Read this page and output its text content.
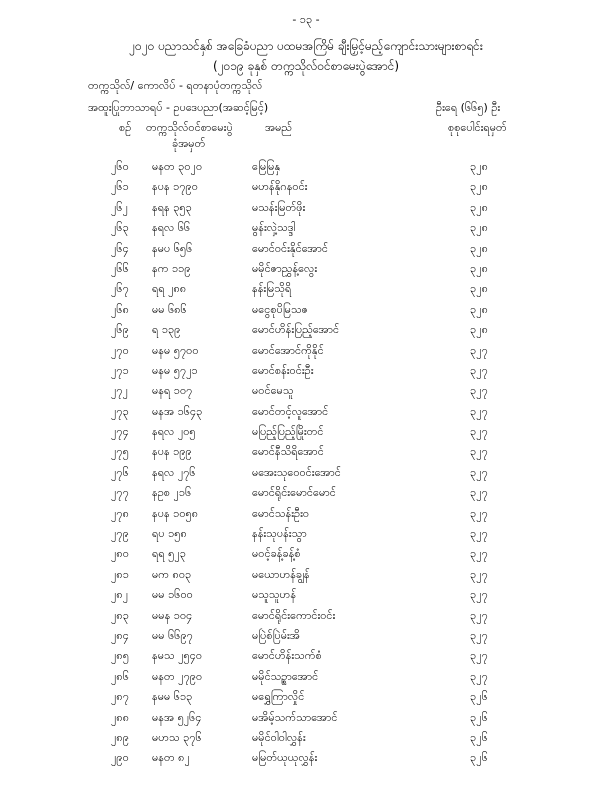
- ၁၃ -
၂၀၂၀ ပညာသင်နှစ် အခြေခံပညာ ပထမအကြိမ် ချီးမြှင့်မည့်ကျောင်းသားများစာရင်း
(၂၀၁၉ ခုနှစ် တက္ကသိုလ်ဝင်စာမေးပွဲအောင်)
တက္ကသိုလ်/ ကောလိပ် - ရတနာပုံတက္ကသိုလ်
အထူးပြုဘာသာရပ် - ဥပဒေပညာ(အဆင့်မြင့်)	ဦးရေ (၆၆၅) ဦး
စဉ် တက္ကသိုလ်ဝင်စာမေးပွဲ
ခုံအမှတ်
အမည်	စုစုပေါင်းရမှတ်
၂၆၀ မနတ ၃၀၂၀	မြေမြနှ	၃၂၈
၂၆၁ နပန ၁၇၉၀	မဟန်နိုဂနဝင်း	၃၂၈
၂၆၂ နရန ၃၅၃	မသန်းမြတ်ဖိုး	၃၂၈
၂၆၃ နရလ ၆၆	မွန်းလှဲ့သဒ္ဒါ	၃၂၈
၂၆၄ နမပ ၆၅၆	မောင်ဝင်းနိုင်အောင်	၃၂၈
၂၆၆ နက ၁၁၉	မမိုင်ဇာညွှန့်လွေး	၃၂၈
၂၆၇ ရရ ၂၈၈	နန်းမြသိုရိ	၃၂၈
၂၆၈ မမ ၆၈၆	မငွေစုပိမြသဇ	၃၂၈
၂၆၉ ရ ၁၃၉	မောင်ဟိန်းပြည့်အောင်	၃၂၈
၂၇၀ မနမ ၅၇၀၀	မောင်အောင်ကိုနိုင်	၃၂၇
၂၇၁ မနမ ၅၇၂၁	မောင်စန်းဝင်းဦး	၃၂၇
၂၇၂ မနရ ၁၀၇	မဝင်မေသူ	၃၂၇
၂၇၃ မနအ ၁၆၄၃	မောင်တင့်လူအောင်	၃၂၇
၂၇၄ နရလ ၂၀၅	မပြည့်ပြည့်မြိုးတင်	၃၂၇
၂၇၅ နပန ၁၉၉	မောင်နီသိရိအောင်	၃၂၇
၂၇၆ နရလ ၂၇၆	မအေးသုဝေဝင်းအောင်	၃၂၇
၂၇၇ နဥစ ၂၁၆	မောင်ရိုင်းမောင်မောင်	၃၂၇
၂၇၈ နပန ၁၀၅၈	မောင်သန်းဦးဝ	၃၂၇
၂၇၉ ရပ ၁၅၈	နန်းသုပန်းသွာ	၃၂၇
၂၈၀ ရရ ၅၂၃	မဝင့်ခန့်ခန့်စံ	၃၂၇
၂၈၁ မက ၈၀၃	မယောဟန်ချွန်	၃၂၇
၂၈၂ မမ ၁၆၀၀	မသူသူဟန်	၃၂၇
၂၈၃ မမန ၁၀၄	မောင်ရိုင်းကောင်းဝင်း	၃၂၇
၂၈၄ မမ ၆၆၉၇	မပြဲစ်ပြဲမ်းအိ	၃၂၇
၂၈၅ နမသ ၂၅၄၀	မောင်ဟိန်းသက်စံ	၃၂၇
၂၈၆ မနတ ၂၇၉၀	မမိုင်သဉ္စာအောင်	၃၂၇
၂၈၇ နမမ ၆၁၃	မရွှေကြာလှိုင်	၃၂၆
၂၈၈ မနအ ၅၂၆၄	မအိမ့်သက်သာအောင်	၃၂၆
၂၈၉ မဟသ ၃၇၆	မမိုင်ဝါဝါလွှန်း	၃၂၆
၂၉၀ မနတ ၈၂	မမြတ်ယုယုလွှန်း	၃၂၆
